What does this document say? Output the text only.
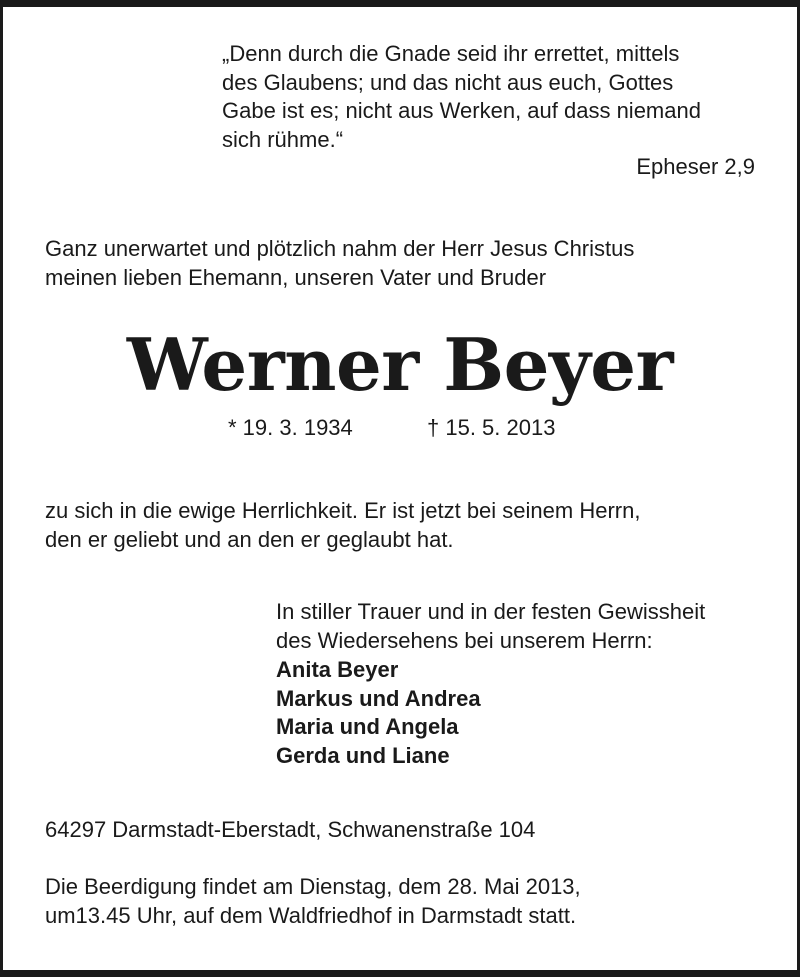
„Denn durch die Gnade seid ihr errettet, mittels
des Glaubens; und das nicht aus euch, Gottes
Gabe ist es; nicht aus Werken, auf dass niemand
sich rühme.“
Epheser 2,9
Ganz unerwartet und plötzlich nahm der Herr Jesus Christus
meinen lieben Ehemann, unseren Vater und Bruder
Werner Beyer
* 19. 3. 1934	† 15. 5. 2013
zu sich in die ewige Herrlichkeit. Er ist jetzt bei seinem Herrn,
den er geliebt und an den er geglaubt hat.
In stiller Trauer und in der festen Gewissheit
des Wiedersehens bei unserem Herrn:
Anita Beyer
Markus und Andrea
Maria und Angela
Gerda und Liane
64297 Darmstadt-Eberstadt, Schwanenstraße 104
Die Beerdigung findet am Dienstag, dem 28. Mai 2013,
um13.45 Uhr, auf dem Waldfriedhof in Darmstadt statt.
